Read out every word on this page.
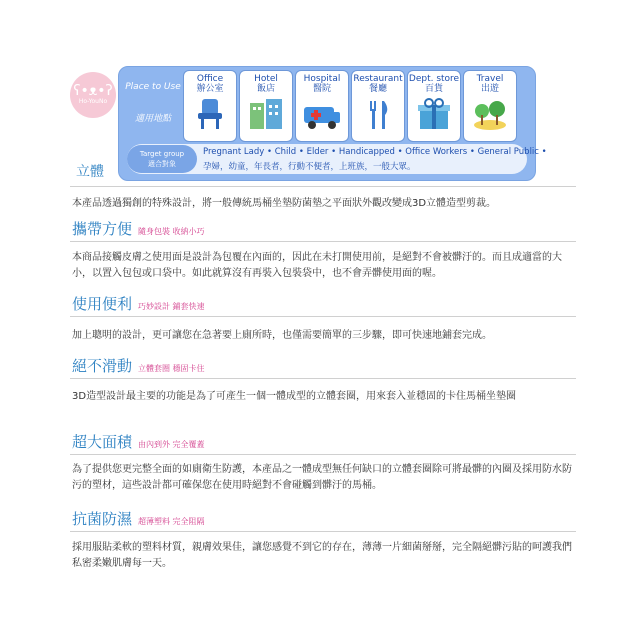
ʕ•ᴥ•ʔ
Ho-YouNo
Place to Use
適用地點
Office
辦公室
Hotel
飯店
Hospital
醫院
Restaurant
餐廳
Dept. store
百貨
Travel
出遊
Target group
適合對象
Pregnant Lady • Child • Elder • Handicapped • Office Workers • General Public •
孕婦，幼童，年長者，行動不便者，上班族，一般大眾。
立體
本產品透過獨創的特殊設計，將一般傳統馬桶坐墊防菌墊之平面狀外觀改變成3D立體造型剪裁。
攜帶方便 隨身包裝 收納小巧
本商品接觸皮膚之使用面是設計為包覆在內面的，因此在未打開使用前，是絕對不會被髒汙的。而且成適當的大小，以置入包包或口袋中。如此就算沒有再裝入包裝袋中，也不會弄髒使用面的喔。
使用便利 巧妙設計 鋪套快速
加上聰明的設計，更可讓您在急著要上廁所時，也僅需要簡單的三步驟，即可快速地鋪套完成。
絕不滑動 立體套圈 穩固卡住
3D造型設計最主要的功能是為了可產生一個一體成型的立體套圈，用來套入並穩固的卡住馬桶坐墊圈
超大面積 由內到外 完全覆蓋
為了提供您更完整全面的如廁衛生防護，本產品之一體成型無任何缺口的立體套圈除可將最髒的內圈及採用防水防污的塑材，這些設計都可確保您在使用時絕對不會碰觸到髒汙的馬桶。
抗菌防濕 超薄塑料 完全阻隔
採用服貼柔軟的塑料材質，親膚效果佳，讓您感覺不到它的存在，薄薄一片細菌掰掰，完全隔絕髒污貼的呵護我們私密柔嫩肌膚每一天。
